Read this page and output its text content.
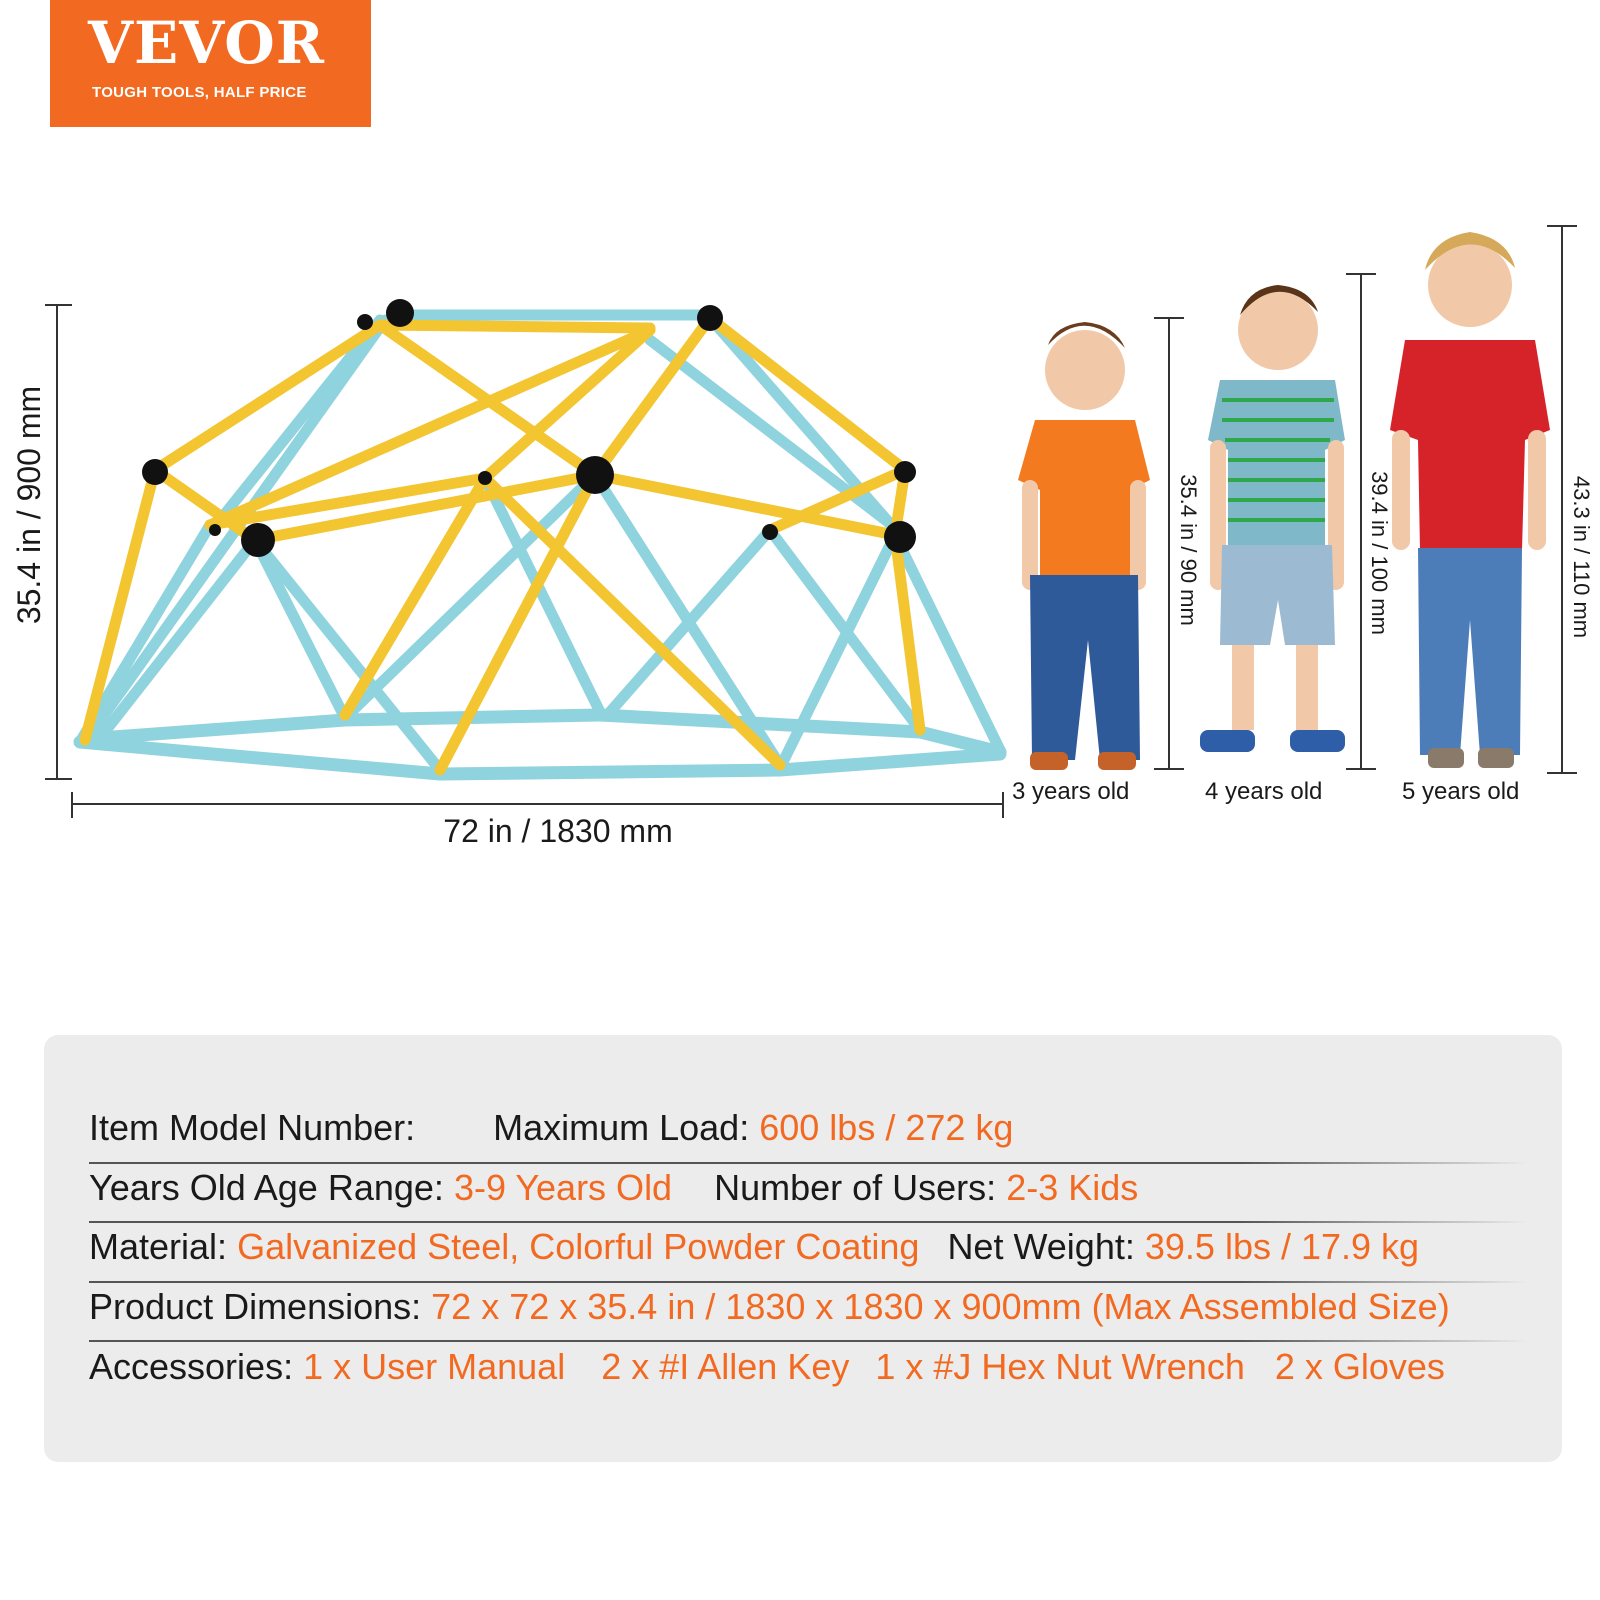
VEVOR
TOUGH TOOLS, HALF PRICE
35.4 in / 900 mm
72 in / 1830 mm
35.4 in / 90 mm	39.4 in / 100 mm	43.3 in / 110 mm
3 years old	4 years old	5 years old
Item Model Number: Maximum Load: 600 lbs / 272 kg
Years Old Age Range: 3-9 Years Old Number of Users: 2-3 Kids
Material: Galvanized Steel, Colorful Powder Coating Net Weight: 39.5 lbs / 17.9 kg
Product Dimensions: 72 x 72 x 35.4 in / 1830 x 1830 x 900mm (Max Assembled Size)
Accessories: 1 x User Manual 2 x #I Allen Key 1 x #J Hex Nut Wrench 2 x Gloves
